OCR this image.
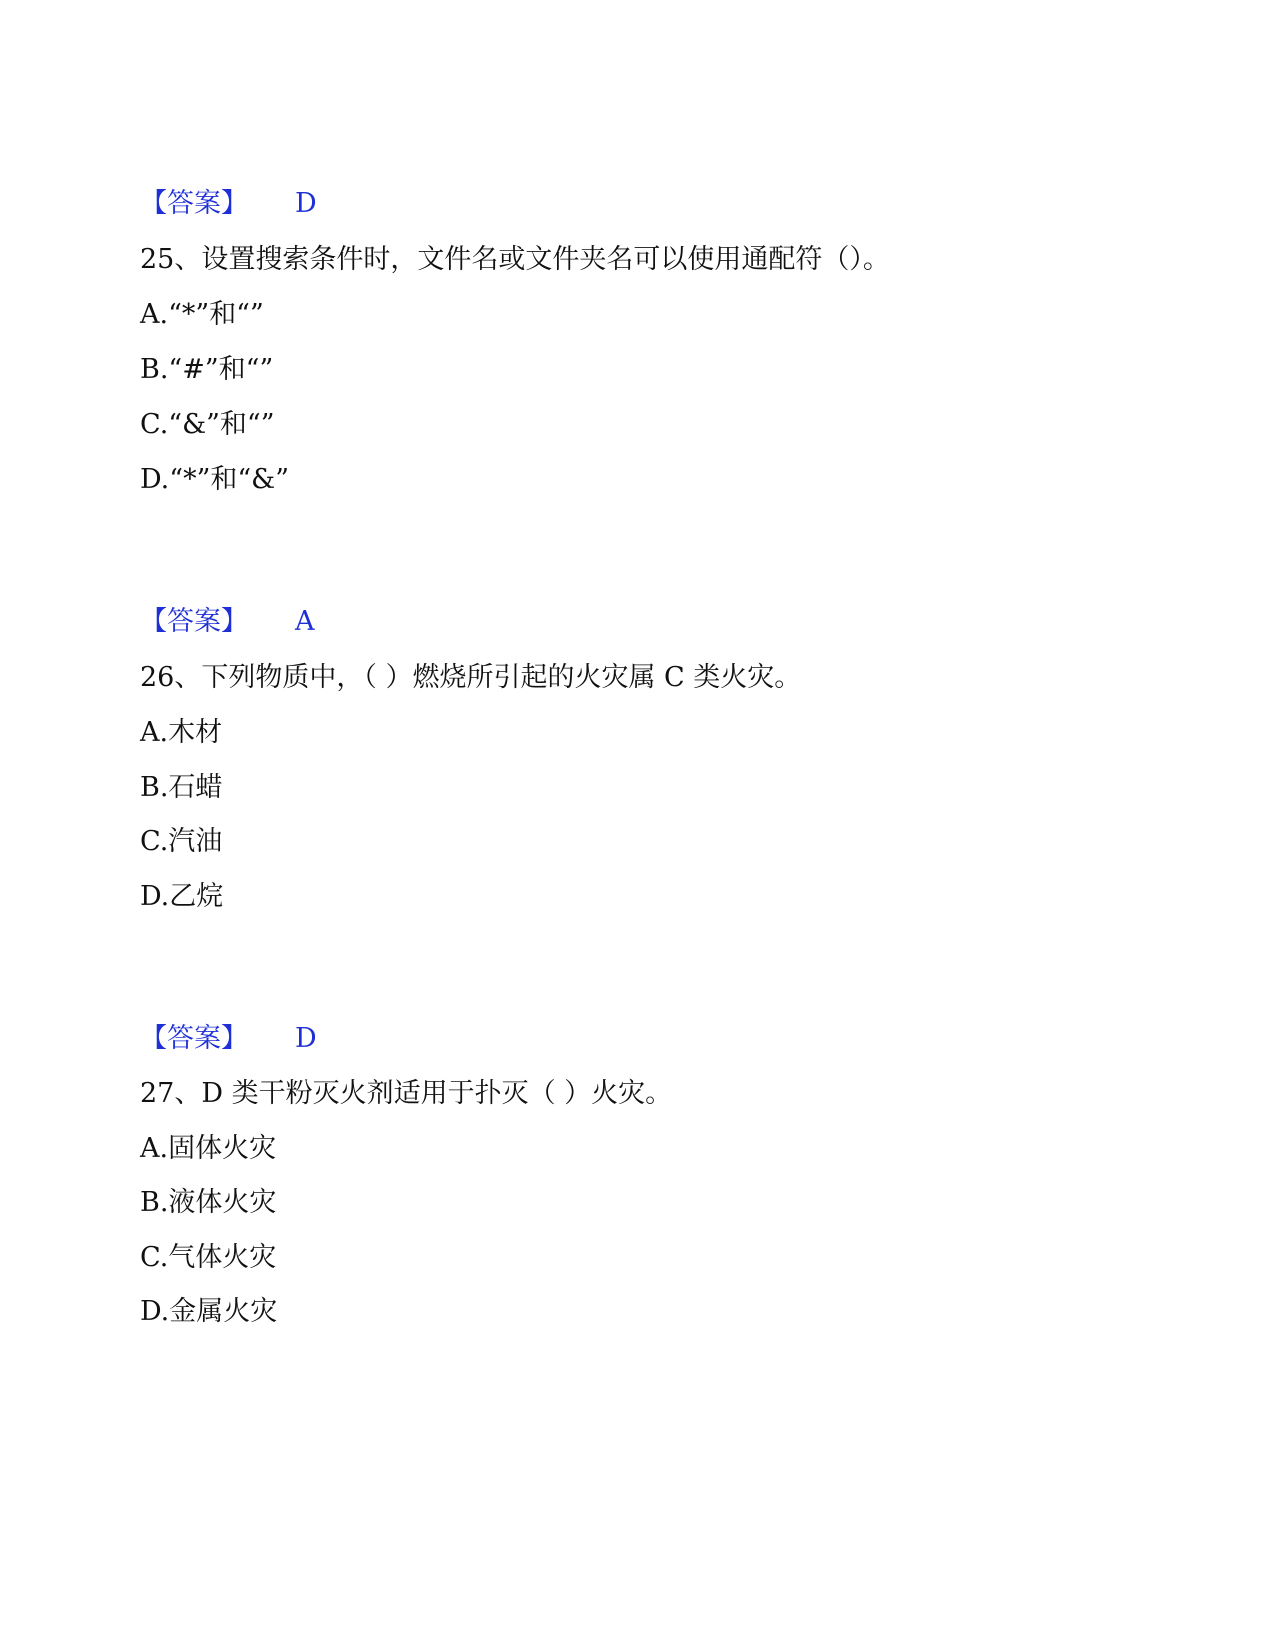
【答案】 D
25、设置搜索条件时，文件名或文件夹名可以使用通配符（）。
A.“*”和“”
B.“#”和“”
C.“&”和“”
D.“*”和“&”
【答案】 A
26、下列物质中，（ ）燃烧所引起的火灾属 C 类火灾。
A.木材
B.石蜡
C.汽油
D.乙烷
【答案】 D
27、D 类干粉灭火剂适用于扑灭（ ）火灾。
A.固体火灾
B.液体火灾
C.气体火灾
D.金属火灾
